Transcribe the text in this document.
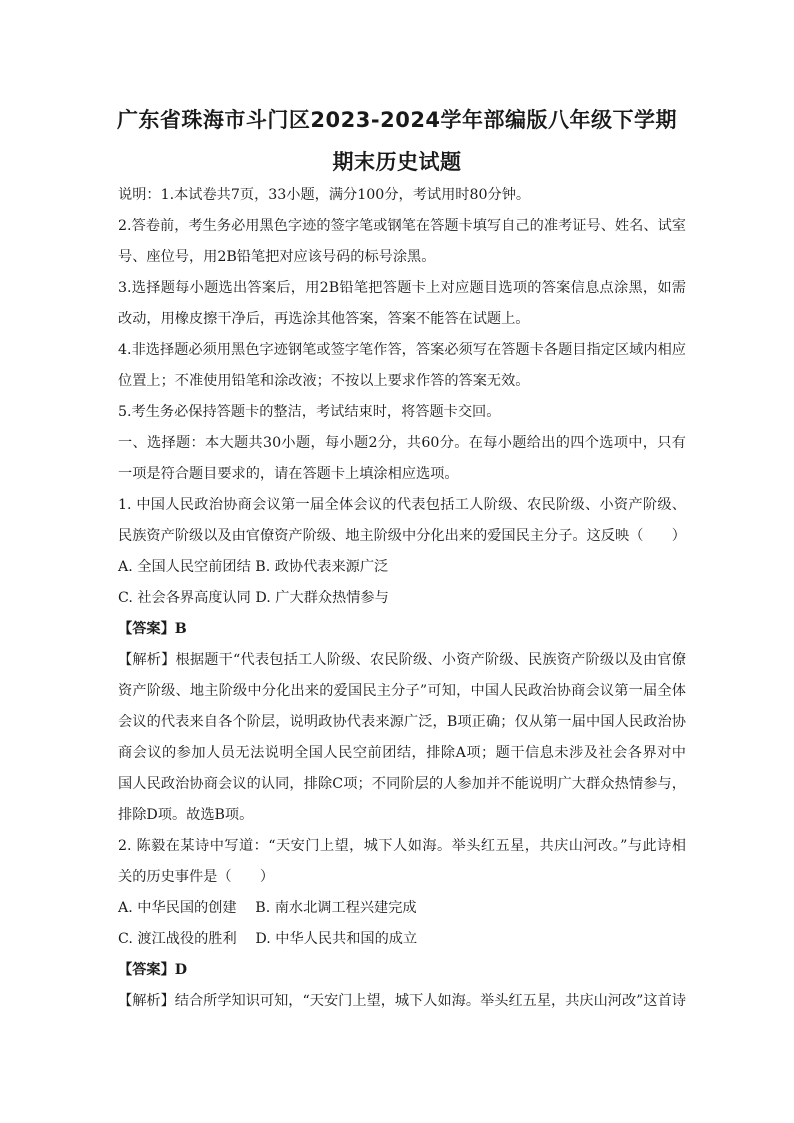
广东省珠海市斗门区2023-2024学年部编版八年级下学期
期末历史试题
说明：1.本试卷共7页，33小题，满分100分，考试用时80分钟。
2.答卷前，考生务必用黑色字迹的签字笔或钢笔在答题卡填写自己的准考证号、姓名、试室
号、座位号，用2B铅笔把对应该号码的标号涂黑。
3.选择题每小题选出答案后，用2B铅笔把答题卡上对应题目选项的答案信息点涂黑，如需
改动，用橡皮擦干净后，再选涂其他答案，答案不能答在试题上。
4.非选择题必须用黑色字迹钢笔或签字笔作答，答案必须写在答题卡各题目指定区域内相应
位置上；不准使用铅笔和涂改液；不按以上要求作答的答案无效。
5.考生务必保持答题卡的整洁，考试结束时，将答题卡交回。
一、选择题：本大题共30小题，每小题2分，共60分。在每小题给出的四个选项中，只有
一项是符合题目要求的，请在答题卡上填涂相应选项。
1. 中国人民政治协商会议第一届全体会议的代表包括工人阶级、农民阶级、小资产阶级、
民族资产阶级以及由官僚资产阶级、地主阶级中分化出来的爱国民主分子。这反映（　　）
A. 全国人民空前团结 B. 政协代表来源广泛
C. 社会各界高度认同 D. 广大群众热情参与
【答案】B
【解析】根据题干“代表包括工人阶级、农民阶级、小资产阶级、民族资产阶级以及由官僚
资产阶级、地主阶级中分化出来的爱国民主分子”可知，中国人民政治协商会议第一届全体
会议的代表来自各个阶层，说明政协代表来源广泛，B项正确；仅从第一届中国人民政治协
商会议的参加人员无法说明全国人民空前团结，排除A项；题干信息未涉及社会各界对中
国人民政治协商会议的认同，排除C项；不同阶层的人参加并不能说明广大群众热情参与，
排除D项。故选B项。
2. 陈毅在某诗中写道：“天安门上望，城下人如海。举头红五星，共庆山河改。”与此诗相
关的历史事件是（　　）
A. 中华民国的创建　 B. 南水北调工程兴建完成
C. 渡江战役的胜利　 D. 中华人民共和国的成立
【答案】D
【解析】结合所学知识可知，“天安门上望，城下人如海。举头红五星，共庆山河改”这首诗
